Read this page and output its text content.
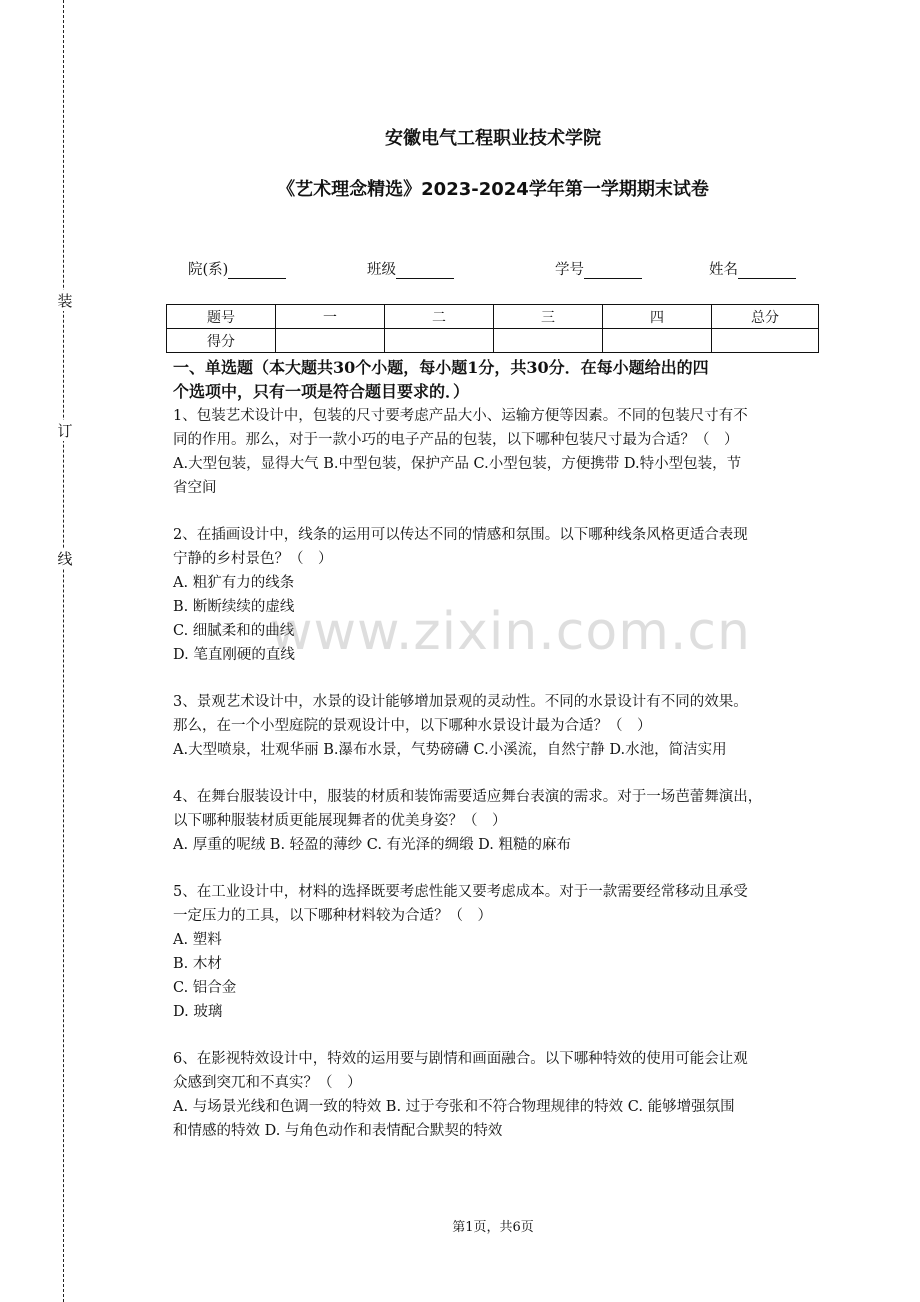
装
订
线
安徽电气工程职业技术学院
《艺术理念精选》2023-2024学年第一学期期末试卷
院(系)	班级	学号	姓名
题号	一	二	三	四	总分
得分					
一、单选题（本大题共30个小题，每小题1分，共30分．在每小题给出的四
个选项中，只有一项是符合题目要求的．）

1、包装艺术设计中，包装的尺寸要考虑产品大小、运输方便等因素。不同的包装尺寸有不

同的作用。那么，对于一款小巧的电子产品的包装，以下哪种包装尺寸最为合适？（　）

A.大型包装，显得大气 B.中型包装，保护产品 C.小型包装，方便携带 D.特小型包装，节

省空间

2、在插画设计中，线条的运用可以传达不同的情感和氛围。以下哪种线条风格更适合表现

宁静的乡村景色？（　）

A. 粗犷有力的线条

B. 断断续续的虚线

C. 细腻柔和的曲线

D. 笔直刚硬的直线

3、景观艺术设计中，水景的设计能够增加景观的灵动性。不同的水景设计有不同的效果。

那么，在一个小型庭院的景观设计中，以下哪种水景设计最为合适？（　）

A.大型喷泉，壮观华丽 B.瀑布水景，气势磅礴 C.小溪流，自然宁静 D.水池，简洁实用

4、在舞台服装设计中，服装的材质和装饰需要适应舞台表演的需求。对于一场芭蕾舞演出，

以下哪种服装材质更能展现舞者的优美身姿？（　）

A. 厚重的呢绒 B. 轻盈的薄纱 C. 有光泽的绸缎 D. 粗糙的麻布

5、在工业设计中，材料的选择既要考虑性能又要考虑成本。对于一款需要经常移动且承受

一定压力的工具，以下哪种材料较为合适？（　）

A. 塑料

B. 木材

C. 铝合金

D. 玻璃

6、在影视特效设计中，特效的运用要与剧情和画面融合。以下哪种特效的使用可能会让观

众感到突兀和不真实？（　）

A. 与场景光线和色调一致的特效 B. 过于夸张和不符合物理规律的特效 C. 能够增强氛围

和情感的特效 D. 与角色动作和表情配合默契的特效

www.zixin.com.cn
第1页，共6页
